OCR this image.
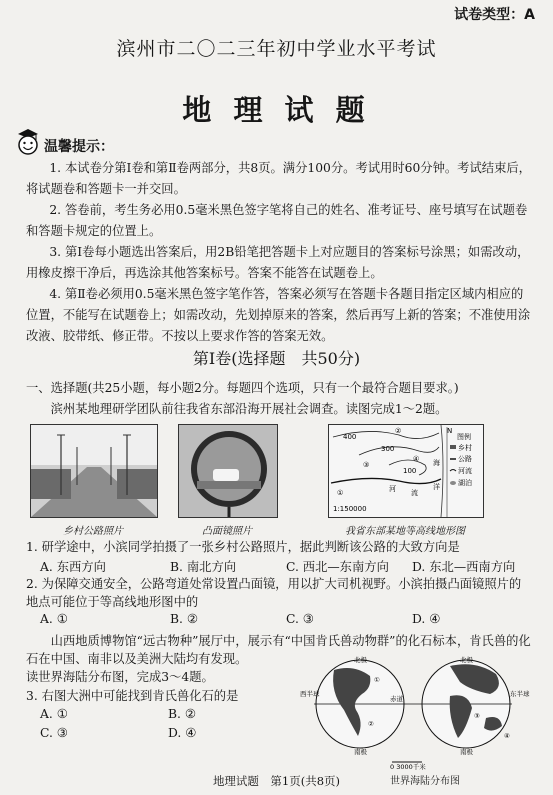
试卷类型：A
滨州市二〇二三年初中学业水平考试
地 理 试 题
温馨提示：

1. 本试卷分第Ⅰ卷和第Ⅱ卷两部分，共8页。满分100分。考试用时60分钟。考试结束后，将试题卷和答题卡一并交回。

2. 答卷前，考生务必用0.5毫米黑色签字笔将自己的姓名、准考证号、座号填写在试题卷和答题卡规定的位置上。

3. 第Ⅰ卷每小题选出答案后，用2B铅笔把答题卡上对应题目的答案标号涂黑；如需改动，用橡皮擦干净后，再选涂其他答案标号。答案不能答在试题卷上。

4. 第Ⅱ卷必须用0.5毫米黑色签字笔作答，答案必须写在答题卡各题目指定区域内相应的位置，不能写在试题卷上；如需改动，先划掉原来的答案，然后再写上新的答案；不准使用涂改液、胶带纸、修正带。不按以上要求作答的答案无效。

第Ⅰ卷(选择题　共50分)
一、选择题(共25小题，每小题2分。每题四个选项，只有一个最符合题目要求。)
滨州某地理研学团队前往我省东部沿海开展社会调查。读图完成1～2题。
乡村公路照片	凸面镜照片
400
300
100
①
②
③
④
河 流
海
洋
N
1:150000
图例
乡村
公路
河流
湖泊
我省东部某地等高线地形图
1. 研学途中，小滨同学拍摄了一张乡村公路照片，据此判断该公路的大致方向是
A. 东西方向	B. 南北方向	C. 西北—东南方向 D. 东北—西南方向
2. 为保障交通安全，公路弯道处常设置凸面镜，用以扩大司机视野。小滨拍摄凸面镜照片的地点可能位于等高线地形图中的
A. ①	B. ②	C. ③	D. ④
山西地质博物馆“远古物种”展厅中，展示有“中国肯氏兽动物群”的化石标本，肯氏兽的化石在中国、南非以及美洲大陆均有发现。
读世界海陆分布图，完成3～4题。
3. 右图大洲中可能找到肯氏兽化石的是
A. ①	B. ②
C. ③	D. ④
北极	北极
南极	南极
西半球	东半球
赤道
①
②
③
④
0 3000千米
世界海陆分布图
地理试题　第1页(共8页)
